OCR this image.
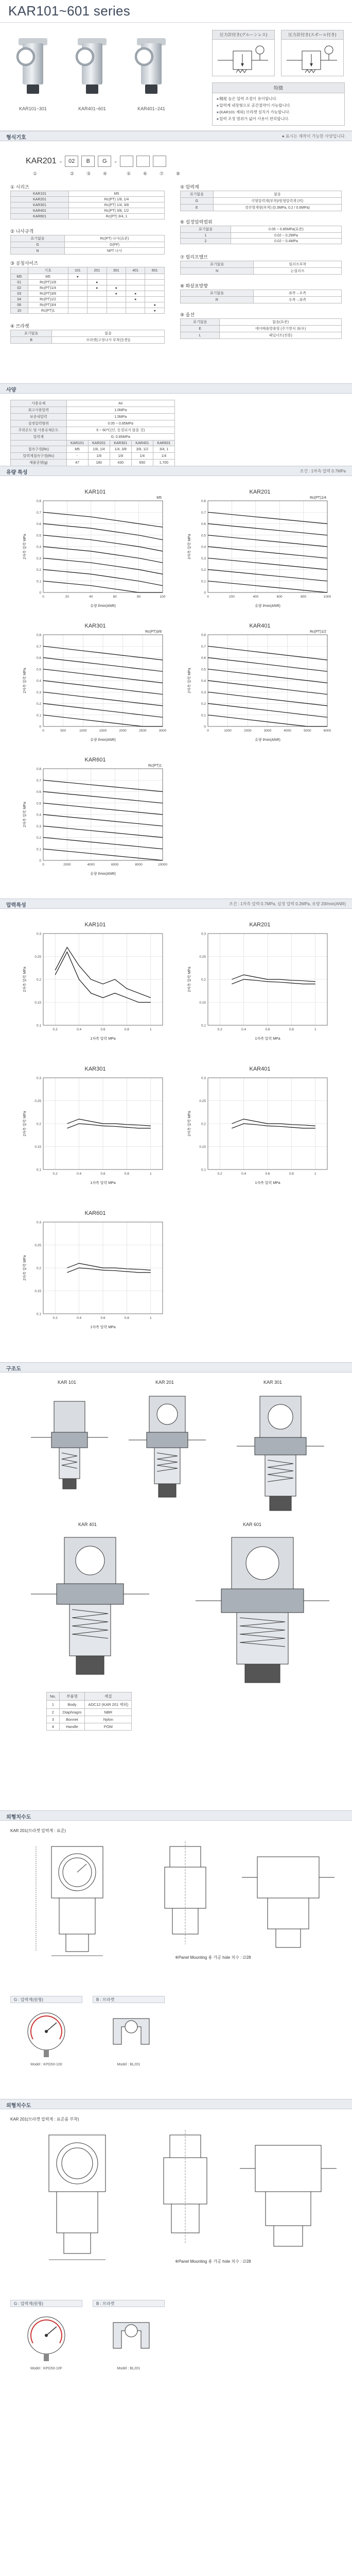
KAR101~601 series
KAR101~301	KAR401~601	KAR401~241
圧力計付き(グルーンレス)	圧力計付き(スポール付き)
特徴
■ 精度 높은 압력 조절이 용이합니다.
■ 압력계 내장형으로 공간절약이 가능합니다.
■ (KAR101 제외) 브라켓 설치가 가능합니다.
■ 압력 조정 범위가 넓어 사용이 편리합니다.
형식기호	● 표시는 제작이 가능한 사양입니다.
KAR201 -	02	B	G	-
①	②	③	④	⑤	⑥	⑦	⑧
① 시리즈
KAR101	M5
KAR201	Rc(PT) 1/8, 1/4
KAR301	Rc(PT) 1/4, 3/8
KAR401	Rc(PT) 3/8, 1/2
KAR601	Rc(PT) 3/4, 1
② 나사규격
표기없음	Rc(PT) 나사(표준)
G	G(PF)
N	NPT 나사
③ 공칭사이즈
	기호	101	201	301	401	601
M5	M5	●				
01	Rc(PT)1/8		●			
02	Rc(PT)1/4		●	●		
03	Rc(PT)3/8			●	●	
04	Rc(PT)1/2				●	
06	Rc(PT)3/4					●
10	Rc(PT)1					●
④ 브라켓
표기없음	없음
B	브라켓(고정나사 부착(동봉))
⑤ 압력계
표기없음	없음
G	각형압력계(부착)/원형압력계 (비)
E	경진형계량(부착) (0.3MPa, 0.2 / 0.6MPa)
⑥ 설정압력범위
표기없음	0.05 ~ 0.85MPa(표준)
1	0.02 ~ 0.2MPa
2	0.02 ~ 0.4MPa
⑦ 릴리프밸브
표기없음	릴리프부착
N	논릴리프
⑧ 화살표방향
표기없음	좌측→우측
R	우측→좌측
⑨ 옵션
표기없음	없음(표준)
E	에어배출방출형 (주기방식 좌/우)
L	패널너트(전용)
사양
사용유체	Air				
최고사용압력	1.0MPa				
보증내압력	1.5MPa				
설정압력범위	0.05 ~ 0.85MPa				
주위온도 및 사용유체온도	5 ~ 60℃(단, 동결되지 않을 것)				
압력계	G: 0.85MPa				
	KAR101	KAR201	KAR301	KAR401	KAR601
접속구경(Rc)	M5	1/8, 1/4	1/4, 3/8	3/8, 1/2	3/4, 1
압력계접속구경(Rc)	-	1/8	1/8	1/4	1/4
제품중량(g)	47	180	430	650	1,700
유량 특성	조건 : 1차측 압력 0.7MPa
KAR101
M5
0
0.1
0.2
0.3
0.4
0.5
0.6
0.7
0.8
0	20	40	60	80	100
유량 l/min(ANR)
2차측 압력 MPa
KAR201
Rc(PT)1/4
0
0.1
0.2
0.3
0.4
0.5
0.6
0.7
0.8
0	200	400	600	800	1000
유량 l/min(ANR)
2차측 압력 MPa
KAR301
Rc(PT)3/8
0
0.1
0.2
0.3
0.4
0.5
0.6
0.7
0.8
0	500	1000	1500	2000	2500	3000
유량 l/min(ANR)
2차측 압력 MPa
KAR401
Rc(PT)1/2
0
0.1
0.2
0.3
0.4
0.5
0.6
0.7
0.8
0	1000	2000	3000	4000	5000	6000
유량 l/min(ANR)
2차측 압력 MPa
KAR601
Rc(PT)1
0
0.1
0.2
0.3
0.4
0.5
0.6
0.7
0.8
0	2000	4000	6000	8000	10000
유량 l/min(ANR)
2차측 압력 MPa
압력특성	조건 : 1차측 압력 0.7MPa, 설정 압력 0.2MPa, 유량 20l/min(ANR)
KAR101
0.1
0.15
0.2
0.25
0.3
0.2	0.4	0.6	0.8	1
1차측 압력 MPa
2차측 압력 MPa
KAR201
0.1
0.15
0.2
0.25
0.3
0.2	0.4	0.6	0.8	1
1차측 압력 MPa
2차측 압력 MPa
KAR301
0.1
0.15
0.2
0.25
0.3
0.2	0.4	0.6	0.8	1
1차측 압력 MPa
2차측 압력 MPa
KAR401
0.1
0.15
0.2
0.25
0.3
0.2	0.4	0.6	0.8	1
1차측 압력 MPa
2차측 압력 MPa
KAR601
0.1
0.15
0.2
0.25
0.3
0.2	0.4	0.6	0.8	1
1차측 압력 MPa
2차측 압력 MPa
구조도
KAR 101	KAR 201	KAR 301
KAR 401	KAR 601
No.	부품명	재질
1	Body	ADC12 (KAR 201 제외)
2	Diaphragm	NBR
3	Bonnet	Nylon
4	Handle	POM
외형치수도
KAR 201(브라켓 압력계 : 표준)
※Panel Mounting 용 가공 hole 치수 : ∅28
G : 압력계(원형)	B : 브라켓
Model : KPG50-100	Model : BL201
외형치수도
KAR 201(브라켓 압력계 : 표준품 부착)
※Panel Mounting 용 가공 hole 치수 : ∅28
G : 압력계(원형)	B : 브라켓
Model : KPG50-10F	Model : BL201
